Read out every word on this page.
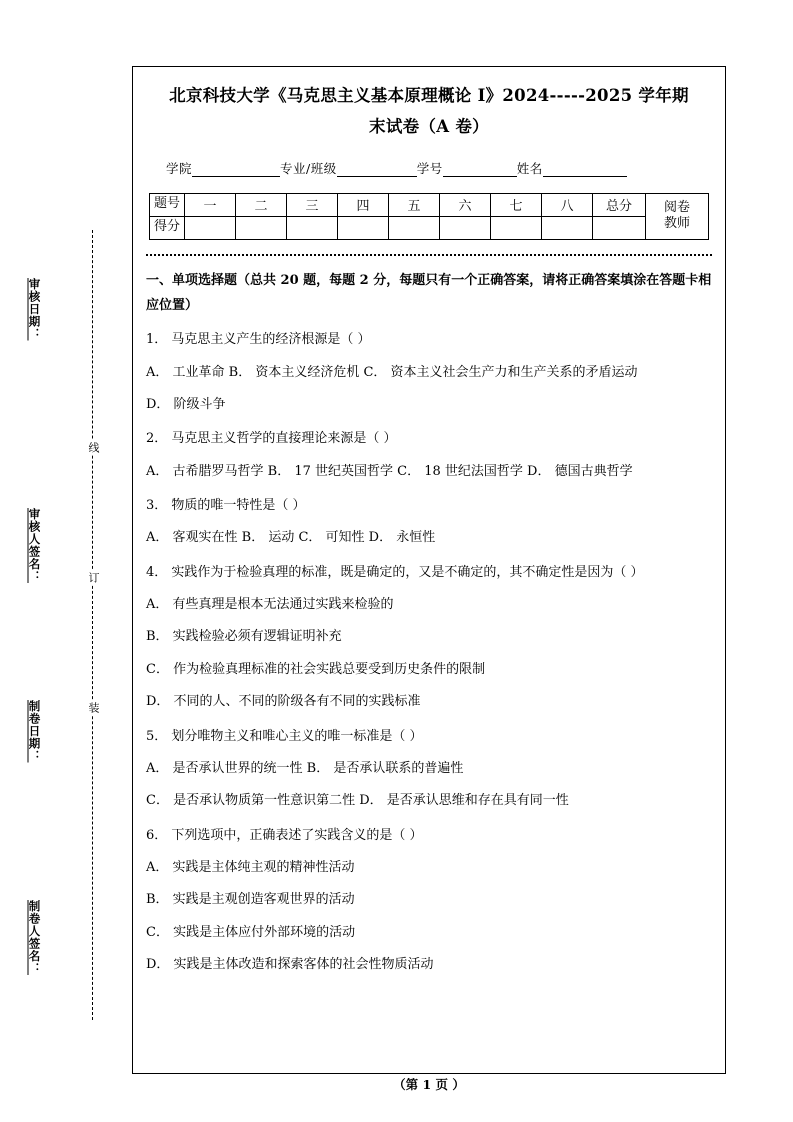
审核日期：
审核人签名：
制卷日期：
制卷人签名：
线
订
装
北京科技大学《马克思主义基本原理概论 I》2024-----2025 学年期
末试卷（A 卷）
学院	专业/班级	学号	姓名
题号	一	二	三	四	五	六	七	八	总分	阅卷
教师

得分										
一、单项选择题（总共 20 题，每题 2 分，每题只有一个正确答案，请将正确答案填涂在答题卡相应位置）
1． 马克思主义产生的经济根源是（ ）
A． 工业革命 B． 资本主义经济危机 C． 资本主义社会生产力和生产关系的矛盾运动
D． 阶级斗争
2． 马克思主义哲学的直接理论来源是（ ）
A． 古希腊罗马哲学 B． 17 世纪英国哲学 C． 18 世纪法国哲学 D． 德国古典哲学
3． 物质的唯一特性是（ ）
A． 客观实在性 B． 运动 C． 可知性 D． 永恒性
4． 实践作为于检验真理的标准，既是确定的，又是不确定的，其不确定性是因为（ ）
A． 有些真理是根本无法通过实践来检验的
B． 实践检验必须有逻辑证明补充
C． 作为检验真理标准的社会实践总要受到历史条件的限制
D． 不同的人、不同的阶级各有不同的实践标准
5． 划分唯物主义和唯心主义的唯一标准是（ ）
A． 是否承认世界的统一性 B． 是否承认联系的普遍性
C． 是否承认物质第一性意识第二性 D． 是否承认思维和存在具有同一性
6． 下列选项中，正确表述了实践含义的是（ ）
A． 实践是主体纯主观的精神性活动
B． 实践是主观创造客观世界的活动
C． 实践是主体应付外部环境的活动
D． 实践是主体改造和探索客体的社会性物质活动
（第 1 页 ）
